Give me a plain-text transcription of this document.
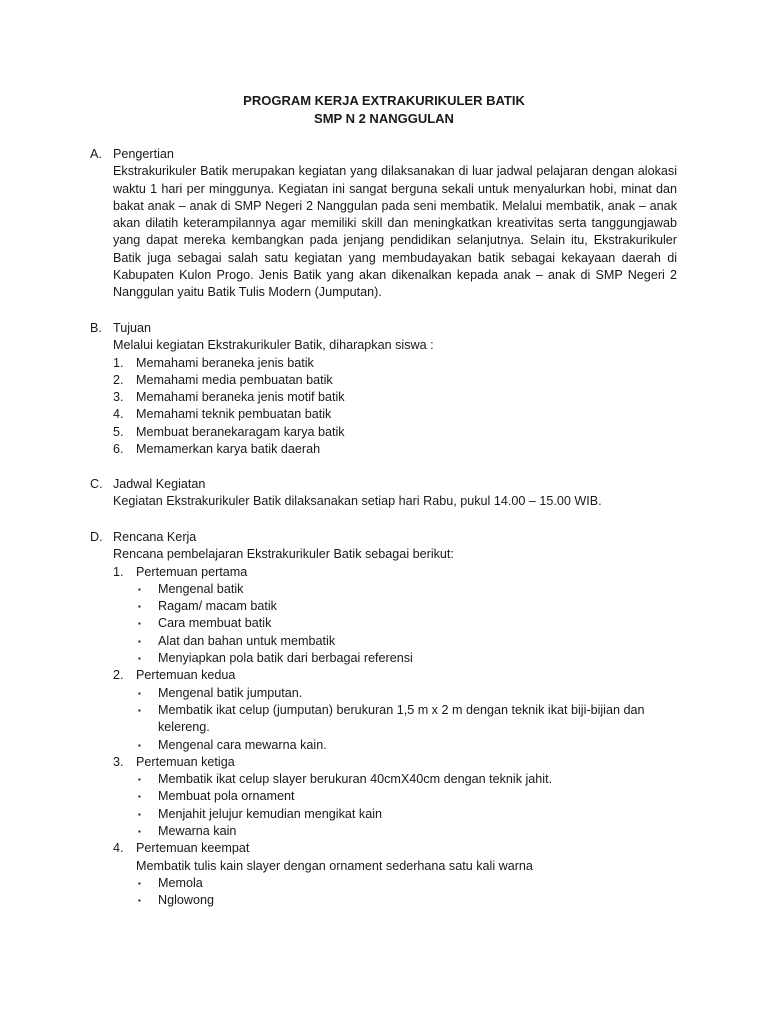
PROGRAM KERJA EXTRAKURIKULER BATIK
SMP N 2 NANGGULAN
A. Pengertian
Ekstrakurikuler Batik merupakan kegiatan yang dilaksanakan di luar jadwal pelajaran dengan alokasi waktu 1 hari per minggunya. Kegiatan ini sangat berguna sekali untuk menyalurkan hobi, minat dan bakat anak – anak di SMP Negeri 2 Nanggulan pada seni membatik. Melalui membatik, anak – anak akan dilatih keterampilannya agar memiliki skill dan meningkatkan kreativitas serta tanggungjawab yang dapat mereka kembangkan pada jenjang pendidikan selanjutnya. Selain itu, Ekstrakurikuler Batik juga sebagai salah satu kegiatan yang membudayakan batik sebagai kekayaan daerah di Kabupaten Kulon Progo. Jenis Batik yang akan dikenalkan kepada anak – anak di SMP Negeri 2 Nanggulan yaitu Batik Tulis Modern (Jumputan).
B. Tujuan
Melalui kegiatan Ekstrakurikuler Batik, diharapkan siswa :
1. Memahami beraneka jenis batik
2. Memahami media pembuatan batik
3. Memahami beraneka jenis motif batik
4. Memahami teknik pembuatan batik
5. Membuat beranekaragam karya batik
6. Memamerkan karya batik daerah
C. Jadwal Kegiatan
Kegiatan Ekstrakurikuler Batik dilaksanakan setiap hari Rabu, pukul 14.00 – 15.00 WIB.
D. Rencana Kerja
Rencana pembelajaran Ekstrakurikuler Batik sebagai berikut:
1. Pertemuan pertama
▪ Mengenal batik
▪ Ragam/ macam batik
▪ Cara membuat batik
▪ Alat dan bahan untuk membatik
▪ Menyiapkan pola batik dari berbagai referensi
2. Pertemuan kedua
▪ Mengenal batik jumputan.
▪ Membatik ikat celup (jumputan) berukuran 1,5 m x 2 m dengan teknik ikat biji-bijian dan kelereng.
▪ Mengenal cara mewarna kain.
3. Pertemuan ketiga
▪ Membatik ikat celup slayer berukuran 40cmX40cm dengan teknik jahit.
▪ Membuat pola ornament
▪ Menjahit jelujur kemudian mengikat kain
▪ Mewarna kain
4. Pertemuan keempat
Membatik tulis kain slayer dengan ornament sederhana satu kali warna
▪ Memola
▪ Nglowong
